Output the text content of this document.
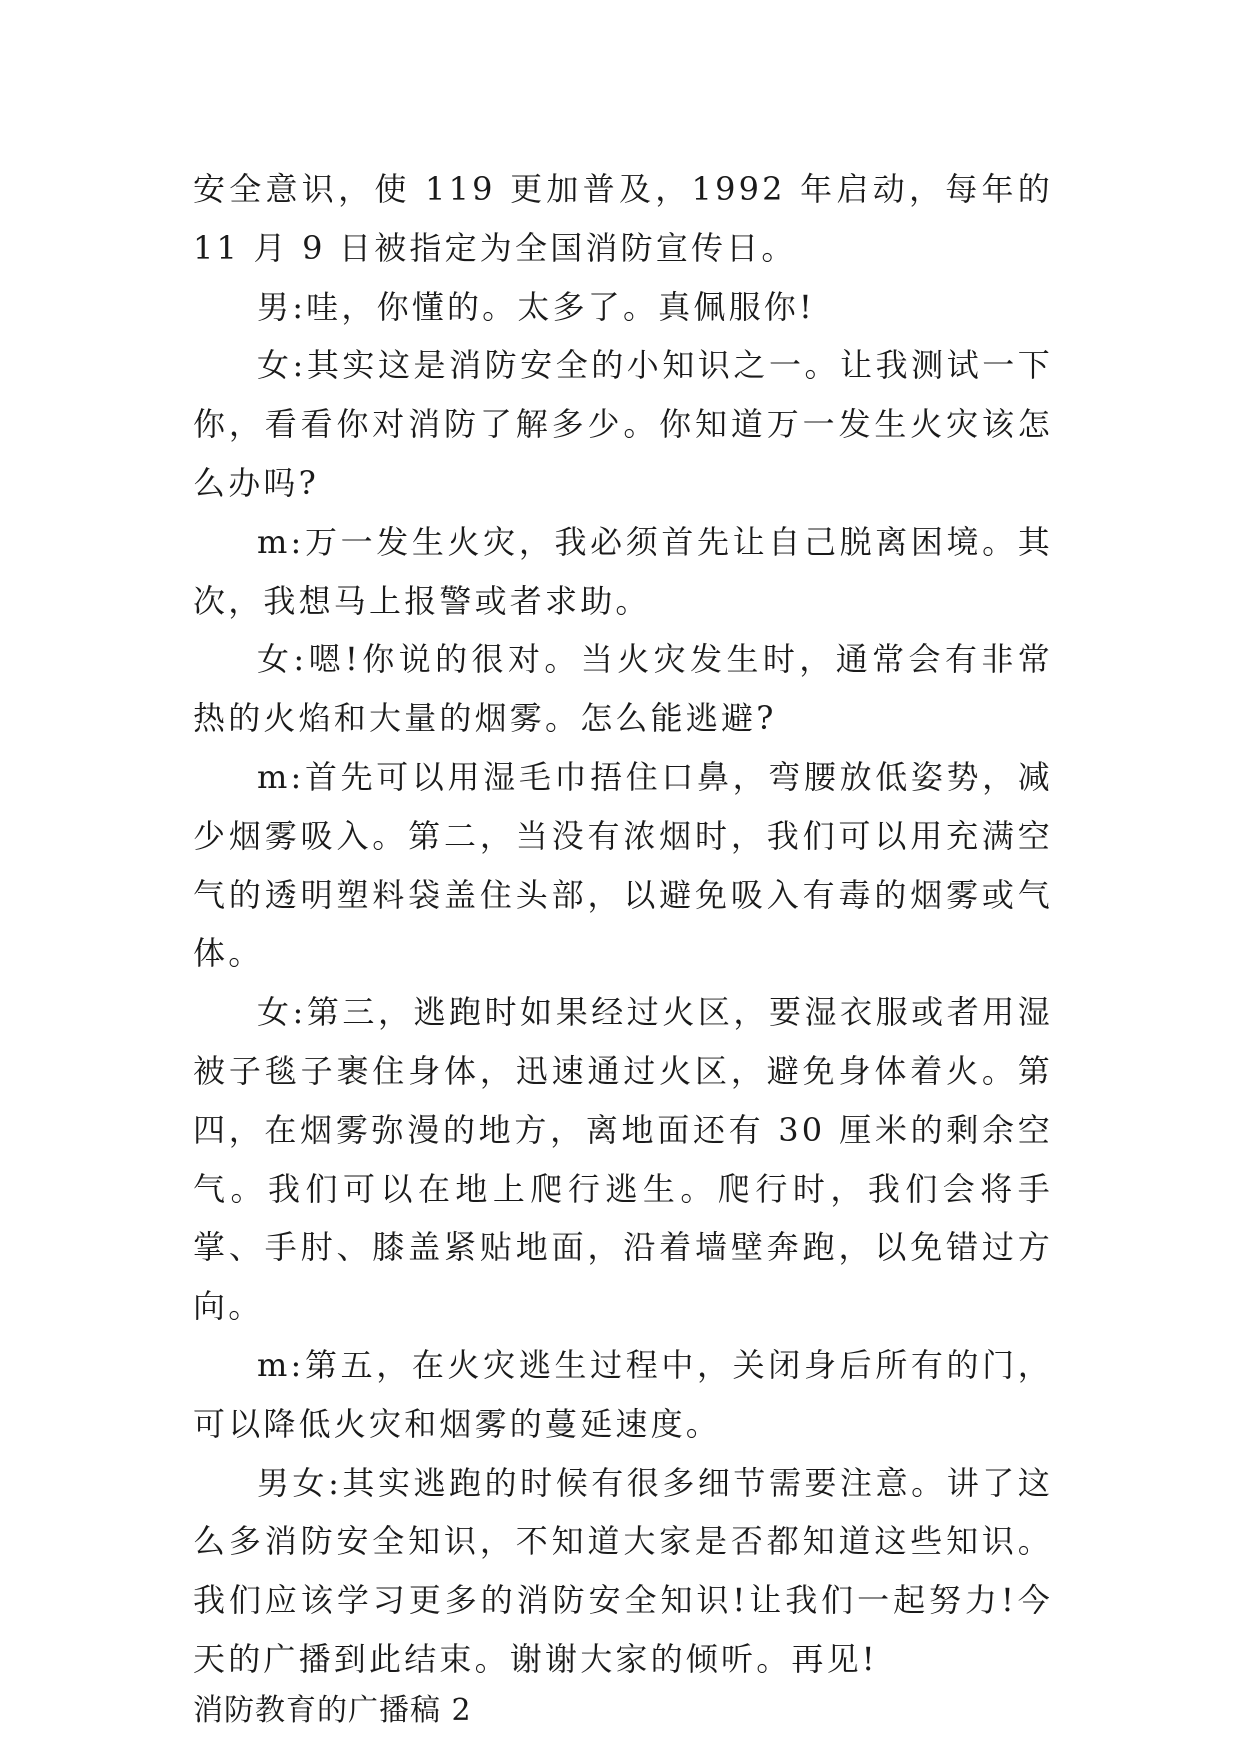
安全意识，使 119 更加普及，1992 年启动，每年的 11 月 9 日被指定为全国消防宣传日。

男:哇，你懂的。太多了。真佩服你!

女:其实这是消防安全的小知识之一。让我测试一下你，看看你对消防了解多少。你知道万一发生火灾该怎么办吗?

m:万一发生火灾，我必须首先让自己脱离困境。其次，我想马上报警或者求助。

女:嗯!你说的很对。当火灾发生时，通常会有非常热的火焰和大量的烟雾。怎么能逃避?

m:首先可以用湿毛巾捂住口鼻，弯腰放低姿势，减少烟雾吸入。第二，当没有浓烟时，我们可以用充满空气的透明塑料袋盖住头部，以避免吸入有毒的烟雾或气体。

女:第三，逃跑时如果经过火区，要湿衣服或者用湿被子毯子裹住身体，迅速通过火区，避免身体着火。第四，在烟雾弥漫的地方，离地面还有 30 厘米的剩余空气。我们可以在地上爬行逃生。爬行时，我们会将手掌、手肘、膝盖紧贴地面，沿着墙壁奔跑，以免错过方向。

m:第五，在火灾逃生过程中，关闭身后所有的门，可以降低火灾和烟雾的蔓延速度。

男女:其实逃跑的时候有很多细节需要注意。讲了这么多消防安全知识，不知道大家是否都知道这些知识。我们应该学习更多的消防安全知识!让我们一起努力!今天的广播到此结束。谢谢大家的倾听。再见!

消防教育的广播稿 2
